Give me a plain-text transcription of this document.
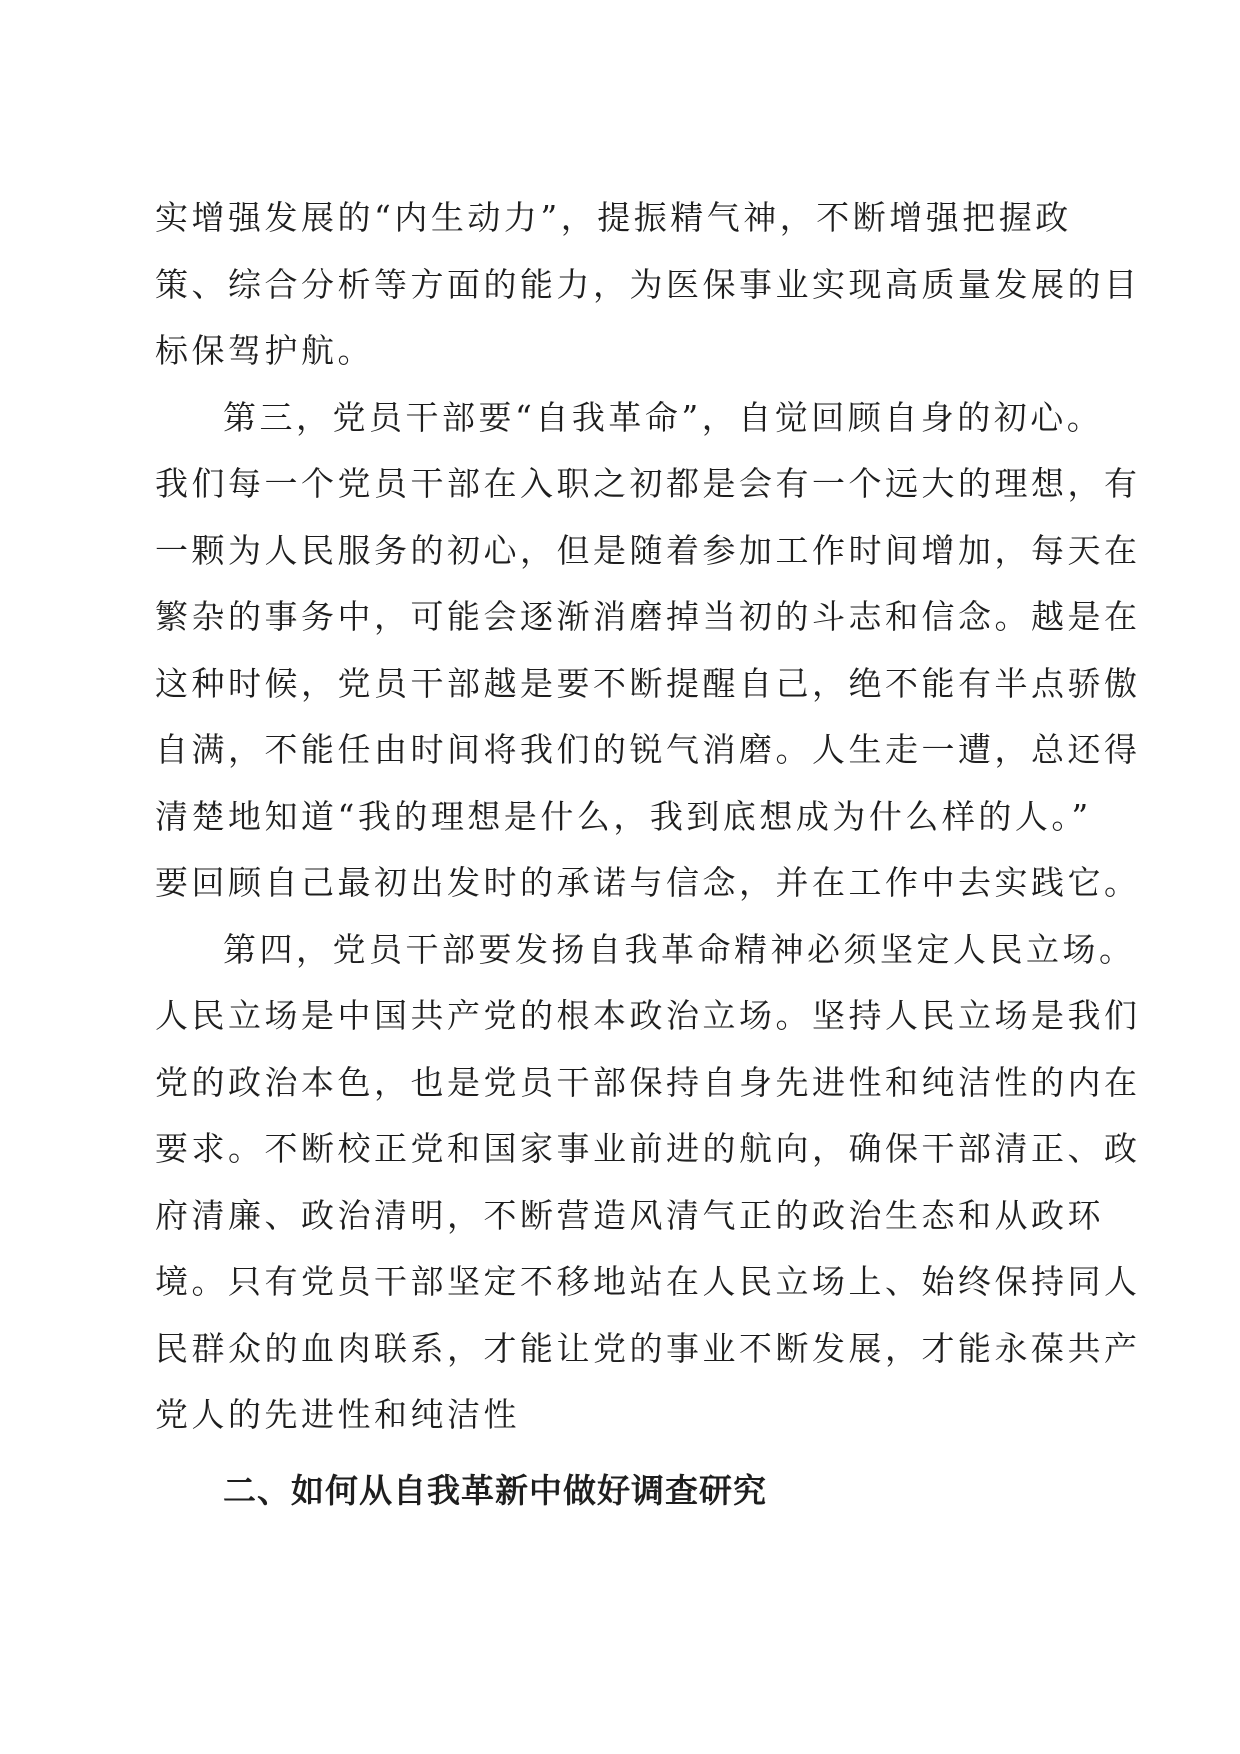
实增强发展的“内生动力”，提振精气神，不断增强把握政
策、综合分析等方面的能力，为医保事业实现高质量发展的目
标保驾护航。
第三，党员干部要“自我革命”，自觉回顾自身的初心。
我们每一个党员干部在入职之初都是会有一个远大的理想，有
一颗为人民服务的初心，但是随着参加工作时间增加，每天在
繁杂的事务中，可能会逐渐消磨掉当初的斗志和信念。越是在
这种时候，党员干部越是要不断提醒自己，绝不能有半点骄傲
自满，不能任由时间将我们的锐气消磨。人生走一遭，总还得
清楚地知道“我的理想是什么，我到底想成为什么样的人。”
要回顾自己最初出发时的承诺与信念，并在工作中去实践它。
第四，党员干部要发扬自我革命精神必须坚定人民立场。
人民立场是中国共产党的根本政治立场。坚持人民立场是我们
党的政治本色，也是党员干部保持自身先进性和纯洁性的内在
要求。不断校正党和国家事业前进的航向，确保干部清正、政
府清廉、政治清明，不断营造风清气正的政治生态和从政环
境。只有党员干部坚定不移地站在人民立场上、始终保持同人
民群众的血肉联系，才能让党的事业不断发展，才能永葆共产
党人的先进性和纯洁性
二、如何从自我革新中做好调查研究
